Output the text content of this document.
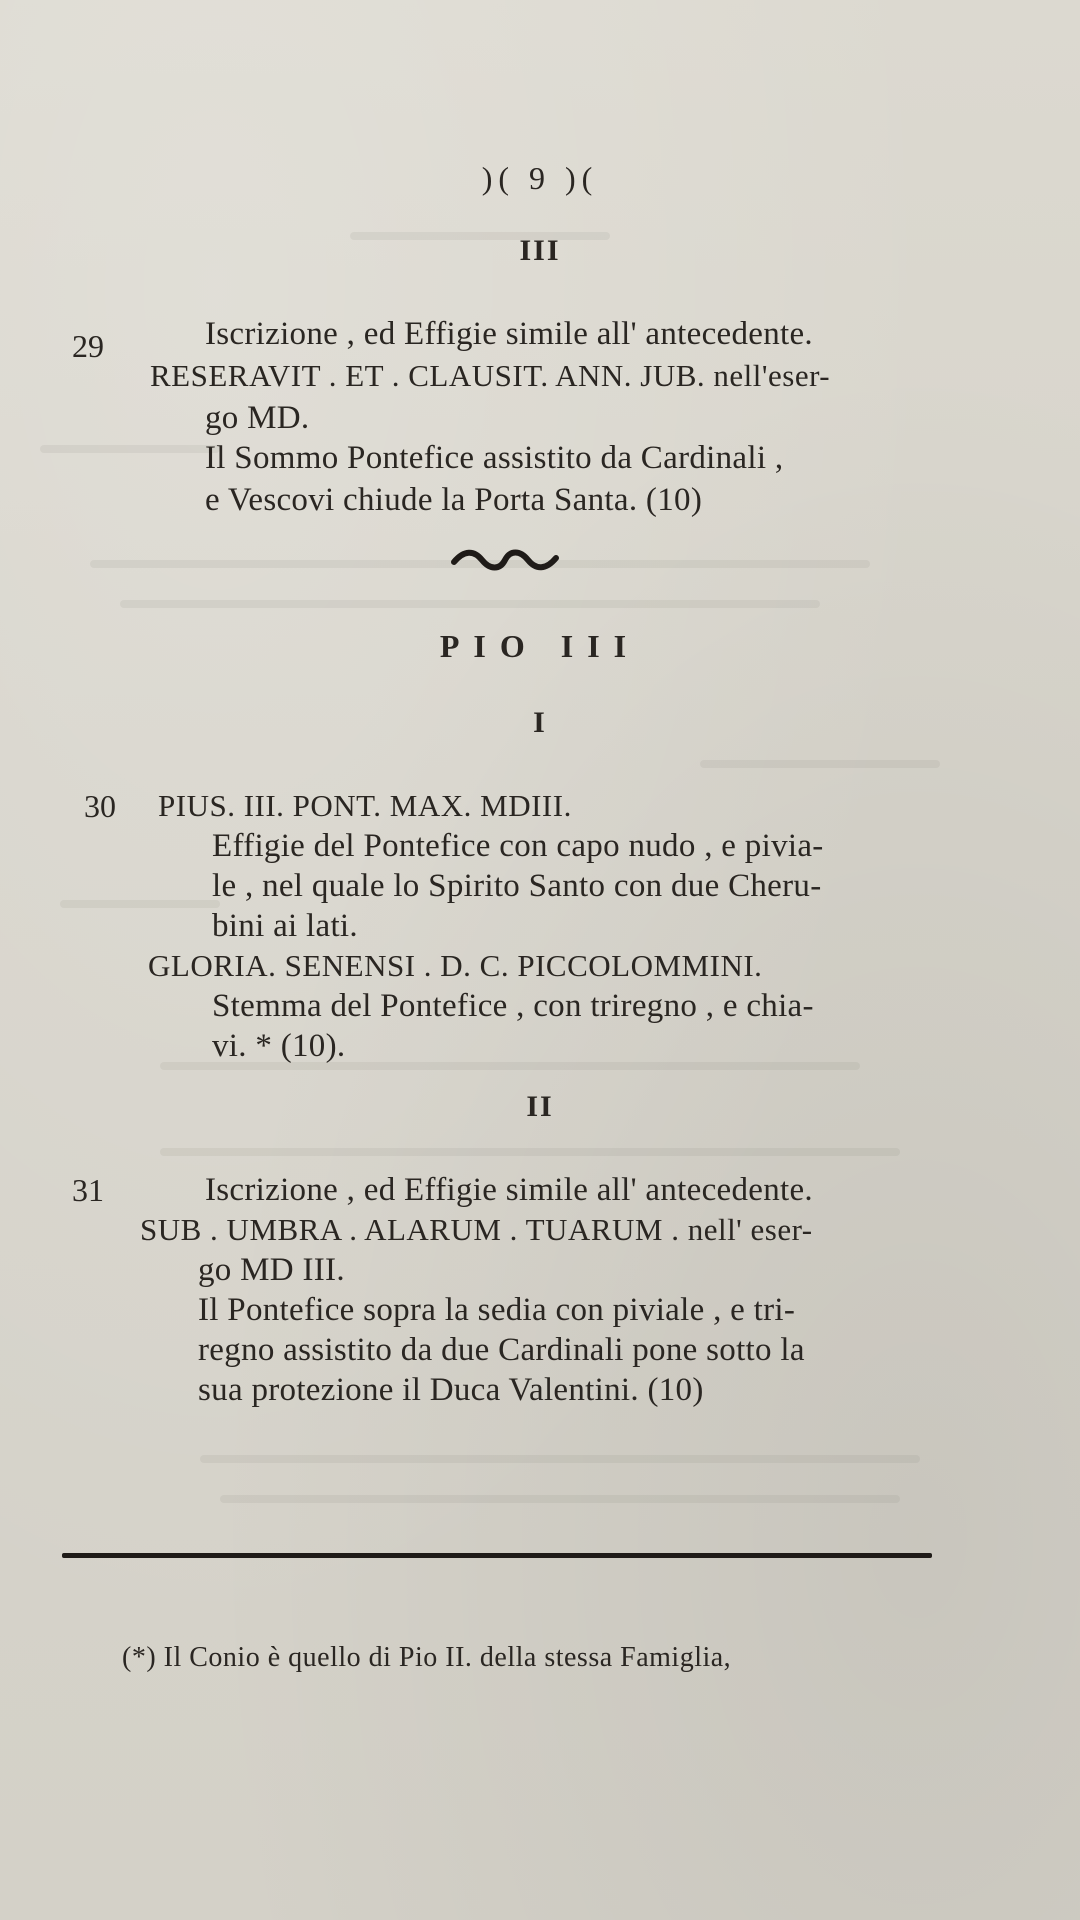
)( 9 )(
III
29	Iscrizione , ed Effigie simile all' antecedente.
RESERAVIT . ET . CLAUSIT. ANN. JUB. nell'eser-
go MD.
Il Sommo Pontefice assistito da Cardinali ,
e Vescovi chiude la Porta Santa. (10)
PIO III
I
30 PIUS. III. PONT. MAX. MDIII.
Effigie del Pontefice con capo nudo , e pivia-
le , nel quale lo Spirito Santo con due Cheru-
bini ai lati.
GLORIA. SENENSI . D. C. PICCOLOMMINI.
Stemma del Pontefice , con triregno , e chia-
vi. * (10).
II
31	Iscrizione , ed Effigie simile all' antecedente.
SUB . UMBRA . ALARUM . TUARUM . nell' eser-
go MD III.
Il Pontefice sopra la sedia con piviale , e tri-
regno assistito da due Cardinali pone sotto la
sua protezione il Duca Valentini. (10)
(*) Il Conio è quello di Pio II. della stessa Famiglia,
